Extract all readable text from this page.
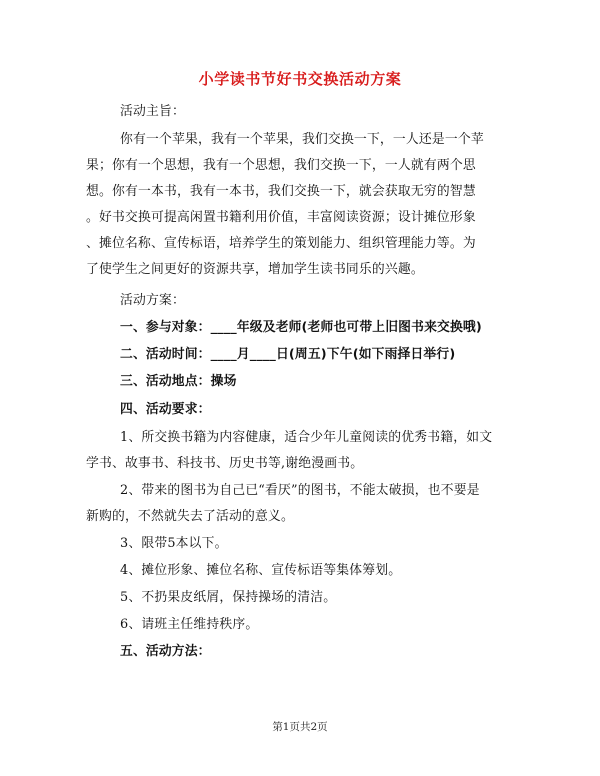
小学读书节好书交换活动方案
活动主旨：
你有一个苹果，我有一个苹果，我们交换一下，一人还是一个苹
果；你有一个思想，我有一个思想，我们交换一下，一人就有两个思
想。你有一本书，我有一本书，我们交换一下，就会获取无穷的智慧
。好书交换可提高闲置书籍利用价值，丰富阅读资源；设计摊位形象
、摊位名称、宣传标语，培养学生的策划能力、组织管理能力等。为
了使学生之间更好的资源共享，增加学生读书同乐的兴趣。
活动方案：
一、参与对象：____年级及老师(老师也可带上旧图书来交换哦)
二、活动时间：____月____日(周五)下午(如下雨择日举行)
三、活动地点：操场
四、活动要求：
1、所交换书籍为内容健康，适合少年儿童阅读的优秀书籍，如文
学书、故事书、科技书、历史书等,谢绝漫画书。
2、带来的图书为自己已“看厌”的图书，不能太破损，也不要是
新购的，不然就失去了活动的意义。
3、限带5本以下。
4、摊位形象、摊位名称、宣传标语等集体筹划。
5、不扔果皮纸屑，保持操场的清洁。
6、请班主任维持秩序。
五、活动方法：
第1页共2页
